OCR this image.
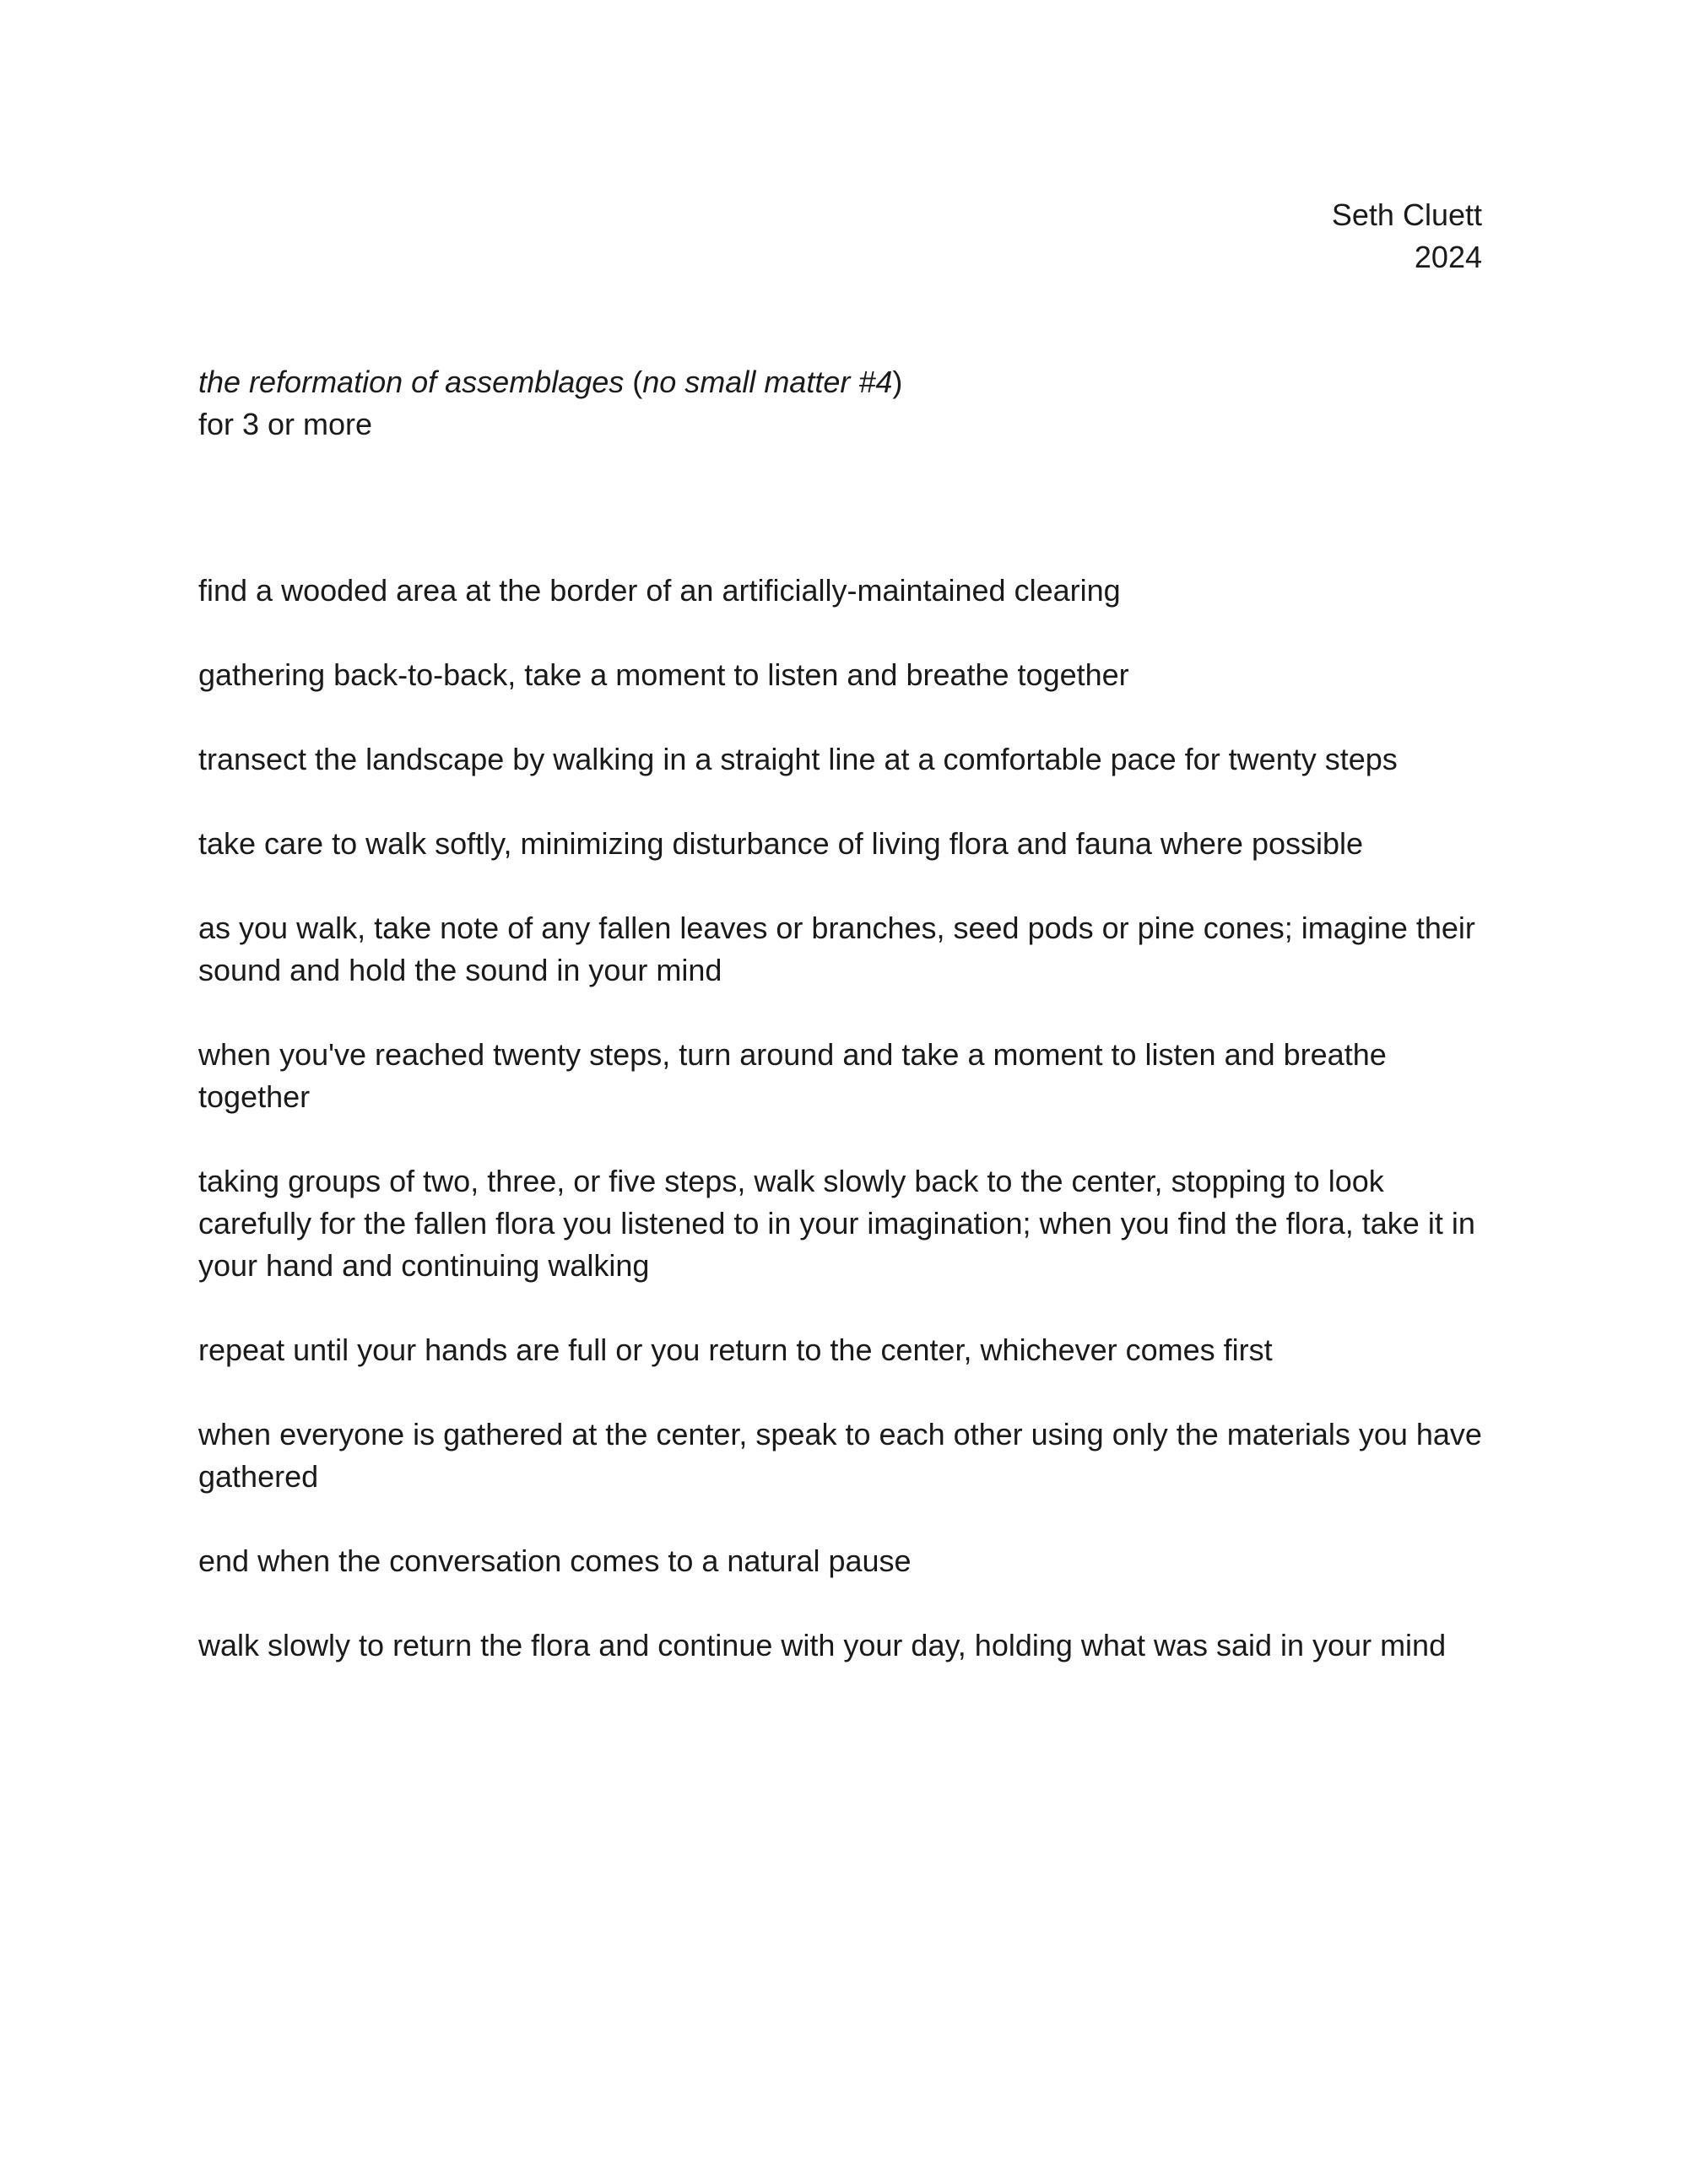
Seth Cluett
2024
the reformation of assemblages (no small matter #4)
for 3 or more

find a wooded area at the border of an artificially-maintained clearing

gathering back-to-back, take a moment to listen and breathe together

transect the landscape by walking in a straight line at a comfortable pace for twenty steps

take care to walk softly, minimizing disturbance of living flora and fauna where possible

as you walk, take note of any fallen leaves or branches, seed pods or pine cones; imagine their sound and hold the sound in your mind

when you've reached twenty steps, turn around and take a moment to listen and breathe together

taking groups of two, three, or five steps, walk slowly back to the center, stopping to look carefully for the fallen flora you listened to in your imagination; when you find the flora, take it in your hand and continuing walking

repeat until your hands are full or you return to the center, whichever comes first

when everyone is gathered at the center, speak to each other using only the materials you have gathered

end when the conversation comes to a natural pause

walk slowly to return the flora and continue with your day, holding what was said in your mind
